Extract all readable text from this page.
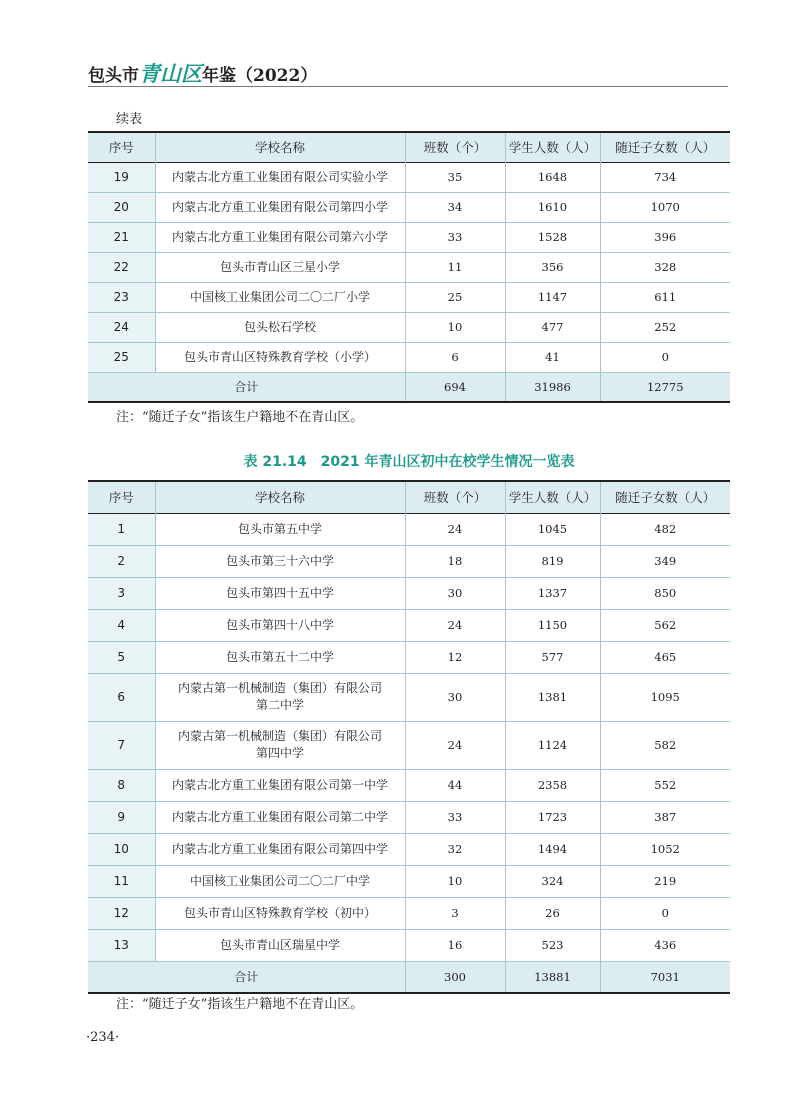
包头市青山区年鉴（2022）
续表
序号	学校名称	班数（个）	学生人数（人）	随迁子女数（人）
19	内蒙古北方重工业集团有限公司实验小学	35	1648	734
20	内蒙古北方重工业集团有限公司第四小学	34	1610	1070
21	内蒙古北方重工业集团有限公司第六小学	33	1528	396
22	包头市青山区三星小学	11	356	328
23	中国核工业集团公司二〇二厂小学	25	1147	611
24	包头松石学校	10	477	252
25	包头市青山区特殊教育学校（小学）	6	41	0
合计		694	31986	12775
注：“随迁子女”指该生户籍地不在青山区。
表 21.14　2021 年青山区初中在校学生情况一览表
序号	学校名称	班数（个）	学生人数（人）	随迁子女数（人）
1	包头市第五中学	24	1045	482
2	包头市第三十六中学	18	819	349
3	包头市第四十五中学	30	1337	850
4	包头市第四十八中学	24	1150	562
5	包头市第五十二中学	12	577	465
6	内蒙古第一机械制造（集团）有限公司
第二中学	30	1381	1095
7	内蒙古第一机械制造（集团）有限公司
第四中学	24	1124	582
8	内蒙古北方重工业集团有限公司第一中学	44	2358	552
9	内蒙古北方重工业集团有限公司第二中学	33	1723	387
10	内蒙古北方重工业集团有限公司第四中学	32	1494	1052
11	中国核工业集团公司二〇二厂中学	10	324	219
12	包头市青山区特殊教育学校（初中）	3	26	0
13	包头市青山区瑞星中学	16	523	436
合计		300	13881	7031
注：“随迁子女”指该生户籍地不在青山区。
·234·
